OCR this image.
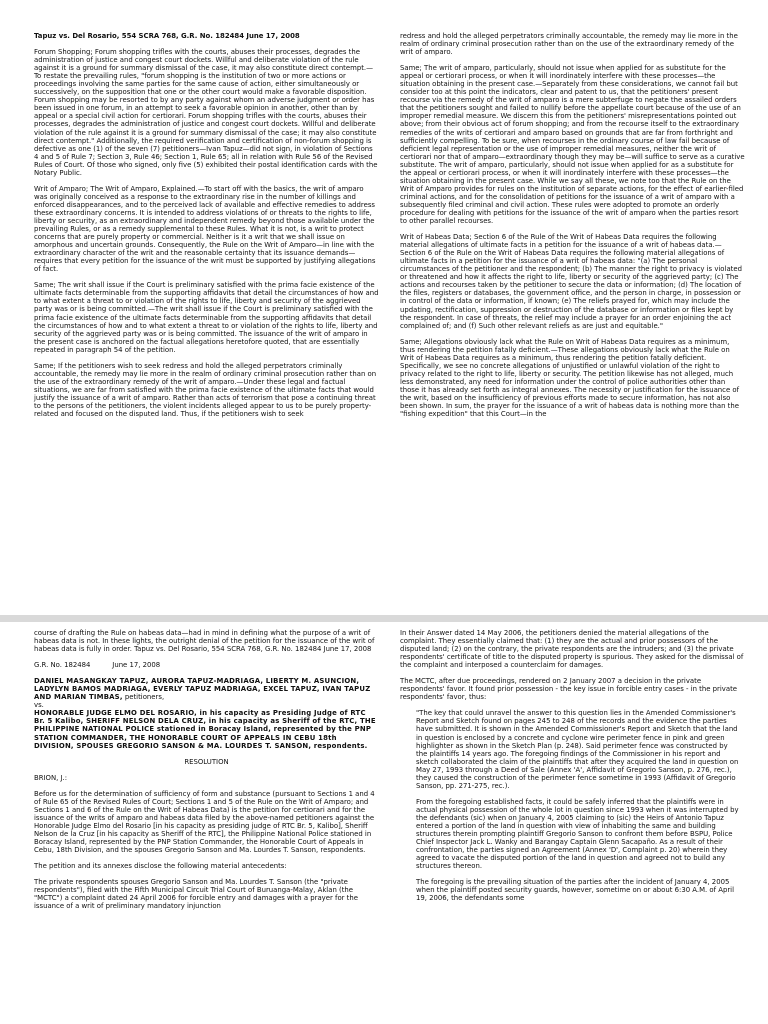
Tapuz vs. Del Rosario, 554 SCRA 768, G.R. No. 182484 June 17, 2008

Forum Shopping; Forum shopping trifles with the courts, abuses their processes, degrades the administration of justice and congest court dockets. Willful and deliberate violation of the rule against it is a ground for summary dismissal of the case, it may also constitute direct contempt.—To restate the prevailing rules, "forum shopping is the institution of two or more actions or proceedings involving the same parties for the same cause of action, either simultaneously or successively, on the supposition that one or the other court would make a favorable disposition. Forum shopping may be resorted to by any party against whom an adverse judgment or order has been issued in one forum, in an attempt to seek a favorable opinion in another, other than by appeal or a special civil action for certiorari. Forum shopping trifles with the courts, abuses their processes, degrades the administration of justice and congest court dockets. Willful and deliberate violation of the rule against it is a ground for summary dismissal of the case; it may also constitute direct contempt." Additionally, the required verification and certification of non-forum shopping is defective as one (1) of the seven (7) petitioners—Ivan Tapuz—did not sign, in violation of Sections 4 and 5 of Rule 7; Section 3, Rule 46; Section 1, Rule 65; all in relation with Rule 56 of the Revised Rules of Court. Of those who signed, only five (5) exhibited their postal identification cards with the Notary Public.

Writ of Amparo; The Writ of Amparo, Explained.—To start off with the basics, the writ of amparo was originally conceived as a response to the extraordinary rise in the number of killings and enforced disappearances, and to the perceived lack of available and effective remedies to address these extraordinary concerns. It is intended to address violations of or threats to the rights to life, liberty or security, as an extraordinary and independent remedy beyond those available under the prevailing Rules, or as a remedy supplemental to these Rules. What it is not, is a writ to protect concerns that are purely property or commercial. Neither is it a writ that we shall issue on amorphous and uncertain grounds. Consequently, the Rule on the Writ of Amparo—in line with the extraordinary character of the writ and the reasonable certainty that its issuance demands—requires that every petition for the issuance of the writ must be supported by justifying allegations of fact.

Same; The writ shall issue if the Court is preliminary satisfied with the prima facie existence of the ultimate facts determinable from the supporting affidavits that detail the circumstances of how and to what extent a threat to or violation of the rights to life, liberty and security of the aggrieved party was or is being committed.—The writ shall issue if the Court is preliminary satisfied with the prima facie existence of the ultimate facts determinable from the supporting affidavits that detail the circumstances of how and to what extent a threat to or violation of the rights to life, liberty and security of the aggrieved party was or is being committed. The issuance of the writ of amparo in the present case is anchored on the factual allegations heretofore quoted, that are essentially repeated in paragraph 54 of the petition.

Same; If the petitioners wish to seek redress and hold the alleged perpetrators criminally accountable, the remedy may lie more in the realm of ordinary criminal prosecution rather than on the use of the extraordinary remedy of the writ of amparo.—Under these legal and factual situations, we are far from satisfied with the prima facie existence of the ultimate facts that would justify the issuance of a writ of amparo. Rather than acts of terrorism that pose a continuing threat to the persons of the petitioners, the violent incidents alleged appear to us to be purely property-related and focused on the disputed land. Thus, if the petitioners wish to seek

redress and hold the alleged perpetrators criminally accountable, the remedy may lie more in the realm of ordinary criminal prosecution rather than on the use of the extraordinary remedy of the writ of amparo.

Same; The writ of amparo, particularly, should not issue when applied for as substitute for the appeal or certiorari process, or when it will inordinately interfere with these processes—the situation obtaining in the present case.—Separately from these considerations, we cannot fail but consider too at this point the indicators, clear and patent to us, that the petitioners' present recourse via the remedy of the writ of amparo is a mere subterfuge to negate the assailed orders that the petitioners sought and failed to nullify before the appellate court because of the use of an improper remedial measure. We discern this from the petitioners' misrepresentations pointed out above; from their obvious act of forum shopping; and from the recourse itself to the extraordinary remedies of the writs of certiorari and amparo based on grounds that are far from forthright and sufficiently compelling. To be sure, when recourses in the ordinary course of law fail because of deficient legal representation or the use of improper remedial measures, neither the writ of certiorari nor that of amparo—extraordinary though they may be—will suffice to serve as a curative substitute. The writ of amparo, particularly, should not issue when applied for as a substitute for the appeal or certiorari process, or when it will inordinately interfere with these processes—the situation obtaining in the present case. While we say all these, we note too that the Rule on the Writ of Amparo provides for rules on the institution of separate actions, for the effect of earlier-filed criminal actions, and for the consolidation of petitions for the issuance of a writ of amparo with a subsequently filed criminal and civil action. These rules were adopted to promote an orderly procedure for dealing with petitions for the issuance of the writ of amparo when the parties resort to other parallel recourses.

Writ of Habeas Data; Section 6 of the Rule of the Writ of Habeas Data requires the following material allegations of ultimate facts in a petition for the issuance of a writ of habeas data.—Section 6 of the Rule on the Writ of Habeas Data requires the following material allegations of ultimate facts in a petition for the issuance of a writ of habeas data: "(a) The personal circumstances of the petitioner and the respondent; (b) The manner the right to privacy is violated or threatened and how it affects the right to life, liberty or security of the aggrieved party; (c) The actions and recourses taken by the petitioner to secure the data or information; (d) The location of the files, registers or databases, the government office, and the person in charge, in possession or in control of the data or information, if known; (e) The reliefs prayed for, which may include the updating, rectification, suppression or destruction of the database or information or files kept by the respondent. In case of threats, the relief may include a prayer for an order enjoining the act complained of; and (f) Such other relevant reliefs as are just and equitable."

Same; Allegations obviously lack what the Rule on Writ of Habeas Data requires as a minimum, thus rendering the petition fatally deficient.—These allegations obviously lack what the Rule on Writ of Habeas Data requires as a minimum, thus rendering the petition fatally deficient. Specifically, we see no concrete allegations of unjustified or unlawful violation of the right to privacy related to the right to life, liberty or security. The petition likewise has not alleged, much less demonstrated, any need for information under the control of police authorities other than those it has already set forth as integral annexes. The necessity or justification for the issuance of the writ, based on the insufficiency of previous efforts made to secure information, has not also been shown. In sum, the prayer for the issuance of a writ of habeas data is nothing more than the "fishing expedition" that this Court—in the

course of drafting the Rule on habeas data—had in mind in defining what the purpose of a writ of habeas data is not. In these lights, the outright denial of the petition for the issuance of the writ of habeas data is fully in order. Tapuz vs. Del Rosario, 554 SCRA 768, G.R. No. 182484 June 17, 2008

G.R. No. 182484          June 17, 2008

DANIEL MASANGKAY TAPUZ, AURORA TAPUZ-MADRIAGA, LIBERTY M. ASUNCION, LADYLYN BAMOS MADRIAGA, EVERLY TAPUZ MADRIAGA, EXCEL TAPUZ, IVAN TAPUZ AND MARIAN TIMBAS, petitioners,

vs.

HONORABLE JUDGE ELMO DEL ROSARIO, in his capacity as Presiding Judge of RTC Br. 5 Kalibo, SHERIFF NELSON DELA CRUZ, in his capacity as Sheriff of the RTC, THE PHILIPPINE NATIONAL POLICE stationed in Boracay Island, represented by the PNP STATION COMMANDER, THE HONORABLE COURT OF APPEALS IN CEBU 18th DIVISION, SPOUSES GREGORIO SANSON & MA. LOURDES T. SANSON, respondents.

RESOLUTION

BRION, J.:

Before us for the determination of sufficiency of form and substance (pursuant to Sections 1 and 4 of Rule 65 of the Revised Rules of Court; Sections 1 and 5 of the Rule on the Writ of Amparo; and Sections 1 and 6 of the Rule on the Writ of Habeas Data) is the petition for certiorari and for the issuance of the writs of amparo and habeas data filed by the above-named petitioners against the Honorable Judge Elmo del Rosario [in his capacity as presiding judge of RTC Br. 5, Kalibo], Sheriff Nelson de la Cruz [in his capacity as Sheriff of the RTC], the Philippine National Police stationed in Boracay Island, represented by the PNP Station Commander, the Honorable Court of Appeals in Cebu, 18th Division, and the spouses Gregorio Sanson and Ma. Lourdes T. Sanson, respondents.

The petition and its annexes disclose the following material antecedents:

The private respondents spouses Gregorio Sanson and Ma. Lourdes T. Sanson (the "private respondents"), filed with the Fifth Municipal Circuit Trial Court of Buruanga-Malay, Aklan (the "MCTC") a complaint dated 24 April 2006 for forcible entry and damages with a prayer for the issuance of a writ of preliminary mandatory injunction

In their Answer dated 14 May 2006, the petitioners denied the material allegations of the complaint. They essentially claimed that: (1) they are the actual and prior possessors of the disputed land; (2) on the contrary, the private respondents are the intruders; and (3) the private respondents' certificate of title to the disputed property is spurious. They asked for the dismissal of the complaint and interposed a counterclaim for damages.

The MCTC, after due proceedings, rendered on 2 January 2007 a decision in the private respondents' favor. It found prior possession - the key issue in forcible entry cases - in the private respondents' favor, thus:

"The key that could unravel the answer to this question lies in the Amended Commissioner's Report and Sketch found on pages 245 to 248 of the records and the evidence the parties have submitted. It is shown in the Amended Commissioner's Report and Sketch that the land in question is enclosed by a concrete and cyclone wire perimeter fence in pink and green highlighter as shown in the Sketch Plan (p. 248). Said perimeter fence was constructed by the plaintiffs 14 years ago. The foregoing findings of the Commissioner in his report and sketch collaborated the claim of the plaintiffs that after they acquired the land in question on May 27, 1993 through a Deed of Sale (Annex 'A', Affidavit of Gregorio Sanson, p. 276, rec.), they caused the construction of the perimeter fence sometime in 1993 (Affidavit of Gregorio Sanson, pp. 271-275, rec.).

From the foregoing established facts, it could be safely inferred that the plaintiffs were in actual physical possession of the whole lot in question since 1993 when it was interrupted by the defendants (sic) when on January 4, 2005 claiming to (sic) the Heirs of Antonio Tapuz entered a portion of the land in question with view of inhabiting the same and building structures therein prompting plaintiff Gregorio Sanson to confront them before BSPU, Police Chief Inspector Jack L. Wanky and Barangay Captain Glenn Sacapaño. As a result of their confrontation, the parties signed an Agreement (Annex 'D', Complaint p. 20) wherein they agreed to vacate the disputed portion of the land in question and agreed not to build any structures thereon.

The foregoing is the prevailing situation of the parties after the incident of January 4, 2005 when the plaintiff posted security guards, however, sometime on or about 6:30 A.M. of April 19, 2006, the defendants some
